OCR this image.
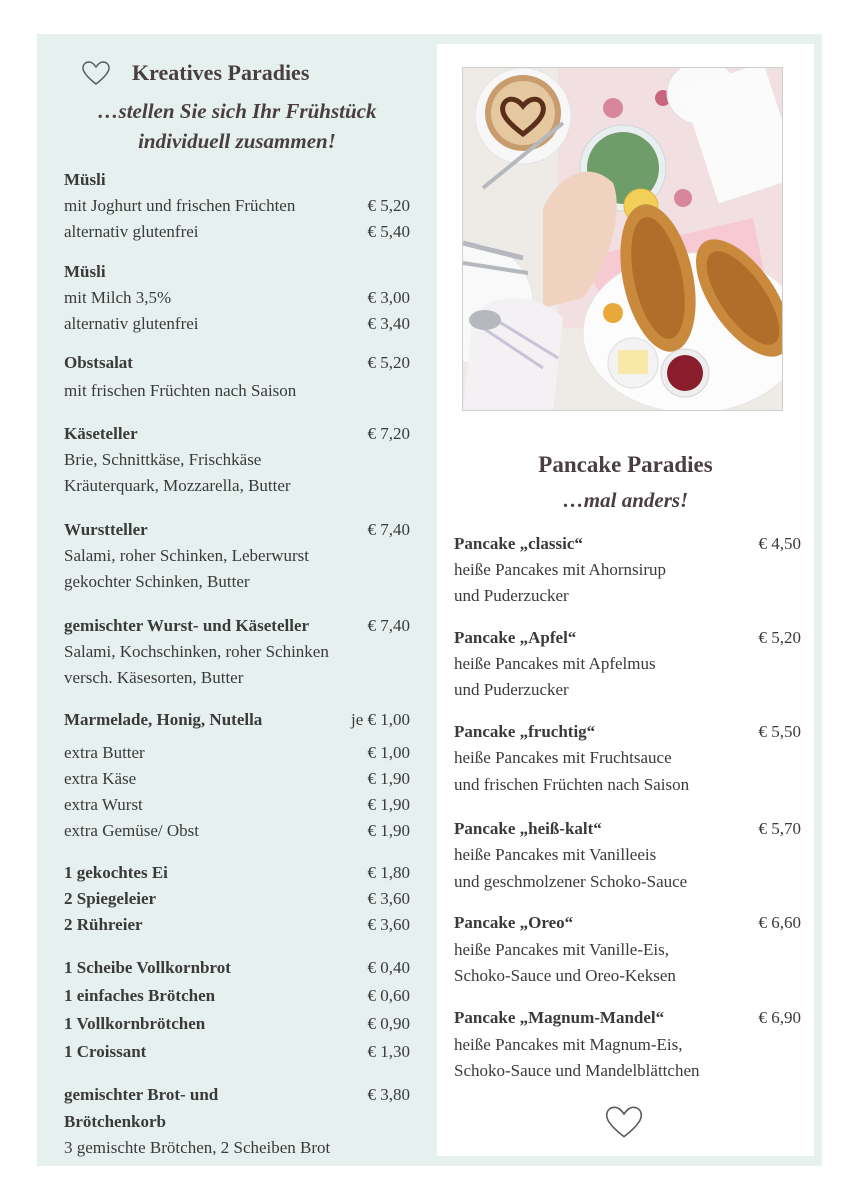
Kreatives Paradies
…stellen Sie sich Ihr Frühstück
individuell zusammen!
Müsli
mit Joghurt und frischen Früchten	€ 5,20
alternativ glutenfrei	€ 5,40
Müsli
mit Milch 3,5%	€ 3,00
alternativ glutenfrei	€ 3,40
Obstsalat	€ 5,20
mit frischen Früchten nach Saison
Käseteller	€ 7,20
Brie, Schnittkäse, Frischkäse
Kräuterquark, Mozzarella, Butter
Wurstteller	€ 7,40
Salami, roher Schinken, Leberwurst
gekochter Schinken, Butter
gemischter Wurst- und Käseteller	€ 7,40
Salami, Kochschinken, roher Schinken
versch. Käsesorten, Butter
Marmelade, Honig, Nutella	je € 1,00
extra Butter	€ 1,00
extra Käse	€ 1,90
extra Wurst	€ 1,90
extra Gemüse/ Obst	€ 1,90
1 gekochtes Ei	€ 1,80
2 Spiegeleier	€ 3,60
2 Rühreier	€ 3,60
1 Scheibe Vollkornbrot	€ 0,40
1 einfaches Brötchen	€ 0,60
1 Vollkornbrötchen	€ 0,90
1 Croissant	€ 1,30
gemischter Brot- und	€ 3,80
Brötchenkorb
3 gemischte Brötchen, 2 Scheiben Brot
Pancake Paradies
…mal anders!
Pancake „classic“	€ 4,50
heiße Pancakes mit Ahornsirup
und Puderzucker
Pancake „Apfel“	€ 5,20
heiße Pancakes mit Apfelmus
und Puderzucker
Pancake „fruchtig“	€ 5,50
heiße Pancakes mit Fruchtsauce
und frischen Früchten nach Saison
Pancake „heiß-kalt“	€ 5,70
heiße Pancakes mit Vanilleeis
und geschmolzener Schoko-Sauce
Pancake „Oreo“	€ 6,60
heiße Pancakes mit Vanille-Eis,
Schoko-Sauce und Oreo-Keksen
Pancake „Magnum-Mandel“	€ 6,90
heiße Pancakes mit Magnum-Eis,
Schoko-Sauce und Mandelblättchen
